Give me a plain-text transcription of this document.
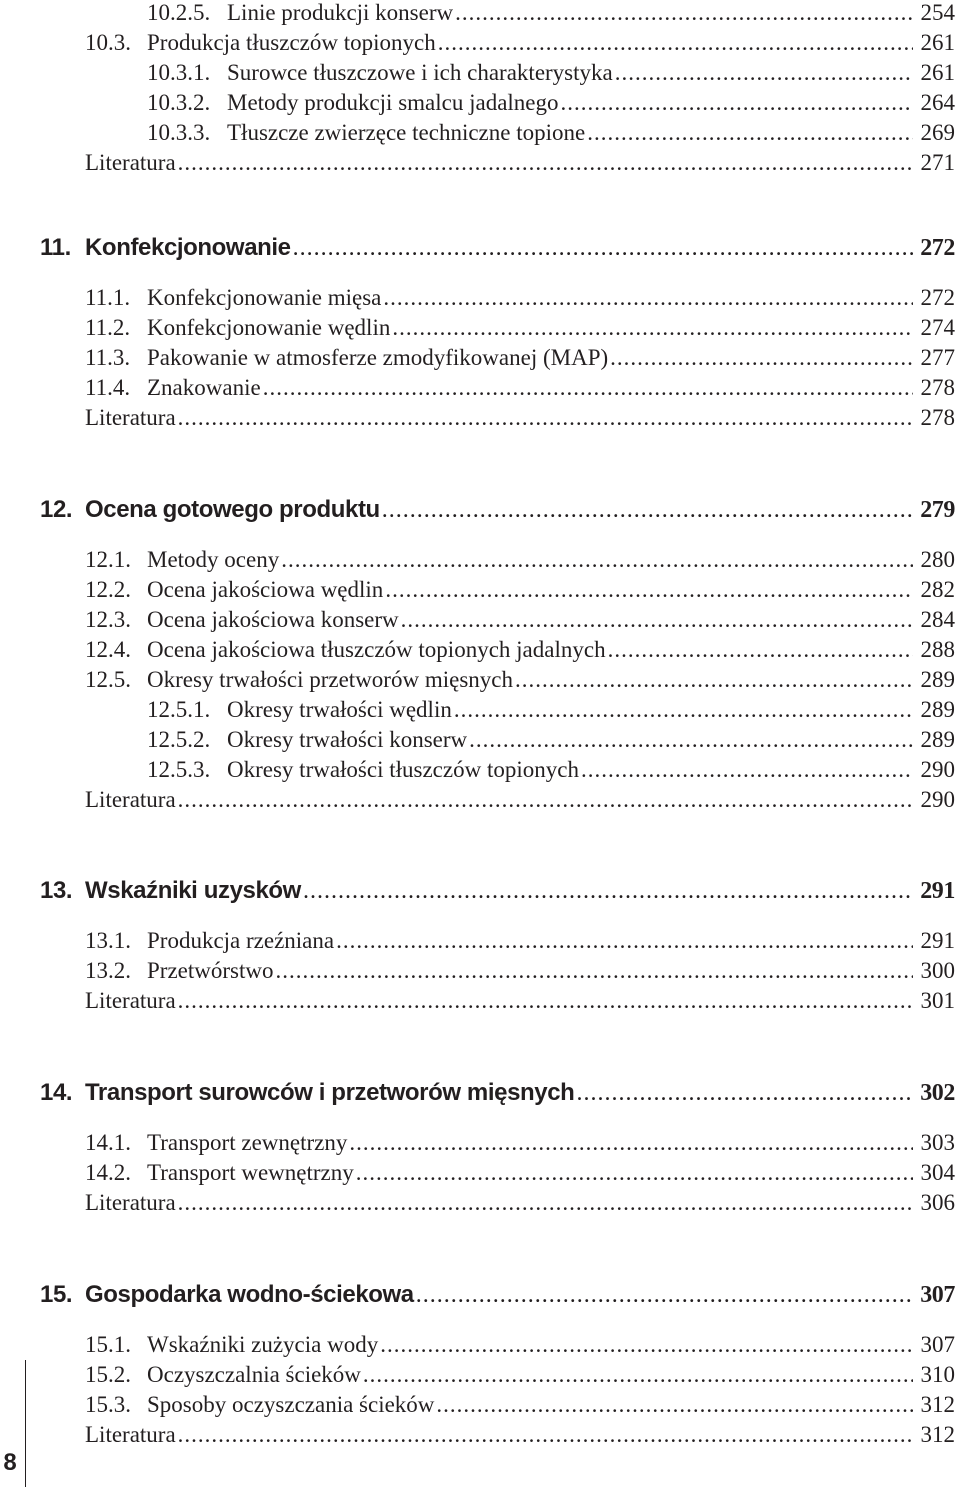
10.2.5. Linie produkcji konserw .....	254
10.3. Produkcja tłuszczów topionych .....	261
10.3.1. Surowce tłuszczowe i ich charakterystyka .....	261
10.3.2. Metody produkcji smalcu jadalnego .....	264
10.3.3. Tłuszcze zwierzęce techniczne topione .....	269
Literatura .....	271
11. Konfekcjonowanie .....	272
11.1. Konfekcjonowanie mięsa .....	272
11.2. Konfekcjonowanie wędlin .....	274
11.3. Pakowanie w atmosferze zmodyfikowanej (MAP) .....	277
11.4. Znakowanie .....	278
Literatura .....	278
12. Ocena gotowego produktu .....	279
12.1. Metody oceny .....	280
12.2. Ocena jakościowa wędlin .....	282
12.3. Ocena jakościowa konserw .....	284
12.4. Ocena jakościowa tłuszczów topionych jadalnych .....	288
12.5. Okresy trwałości przetworów mięsnych .....	289
12.5.1. Okresy trwałości wędlin .....	289
12.5.2. Okresy trwałości konserw .....	289
12.5.3. Okresy trwałości tłuszczów topionych .....	290
Literatura .....	290
13. Wskaźniki uzysków .....	291
13.1. Produkcja rzeźniana .....	291
13.2. Przetwórstwo .....	300
Literatura .....	301
14. Transport surowców i przetworów mięsnych .....	302
14.1. Transport zewnętrzny .....	303
14.2. Transport wewnętrzny .....	304
Literatura .....	306
15. Gospodarka wodno-ściekowa .....	307
15.1. Wskaźniki zużycia wody .....	307
15.2. Oczyszczalnia ścieków .....	310
15.3. Sposoby oczyszczania ścieków .....	312
Literatura .....	312
8
